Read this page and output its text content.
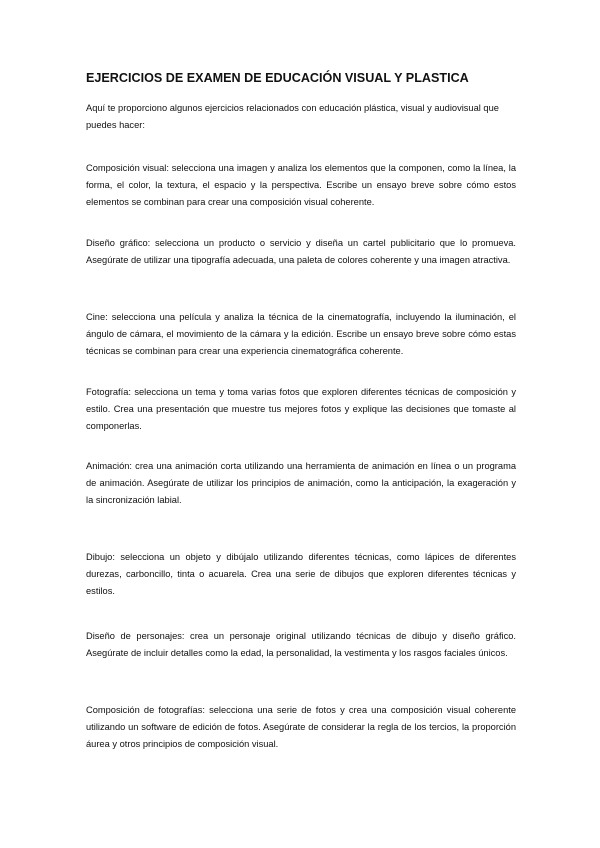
EJERCICIOS DE EXAMEN DE EDUCACIÓN VISUAL Y PLASTICA

Aquí te proporciono algunos ejercicios relacionados con educación plástica, visual y audiovisual que puedes hacer:

Composición visual: selecciona una imagen y analiza los elementos que la componen, como la línea, la forma, el color, la textura, el espacio y la perspectiva. Escribe un ensayo breve sobre cómo estos elementos se combinan para crear una composición visual coherente.

Diseño gráfico: selecciona un producto o servicio y diseña un cartel publicitario que lo promueva. Asegúrate de utilizar una tipografía adecuada, una paleta de colores coherente y una imagen atractiva.

Cine: selecciona una película y analiza la técnica de la cinematografía, incluyendo la iluminación, el ángulo de cámara, el movimiento de la cámara y la edición. Escribe un ensayo breve sobre cómo estas técnicas se combinan para crear una experiencia cinematográfica coherente.

Fotografía: selecciona un tema y toma varias fotos que exploren diferentes técnicas de composición y estilo. Crea una presentación que muestre tus mejores fotos y explique las decisiones que tomaste al componerlas.

Animación: crea una animación corta utilizando una herramienta de animación en línea o un programa de animación. Asegúrate de utilizar los principios de animación, como la anticipación, la exageración y la sincronización labial.

Dibujo: selecciona un objeto y dibújalo utilizando diferentes técnicas, como lápices de diferentes durezas, carboncillo, tinta o acuarela. Crea una serie de dibujos que exploren diferentes técnicas y estilos.

Diseño de personajes: crea un personaje original utilizando técnicas de dibujo y diseño gráfico. Asegúrate de incluir detalles como la edad, la personalidad, la vestimenta y los rasgos faciales únicos.

Composición de fotografías: selecciona una serie de fotos y crea una composición visual coherente utilizando un software de edición de fotos. Asegúrate de considerar la regla de los tercios, la proporción áurea y otros principios de composición visual.
